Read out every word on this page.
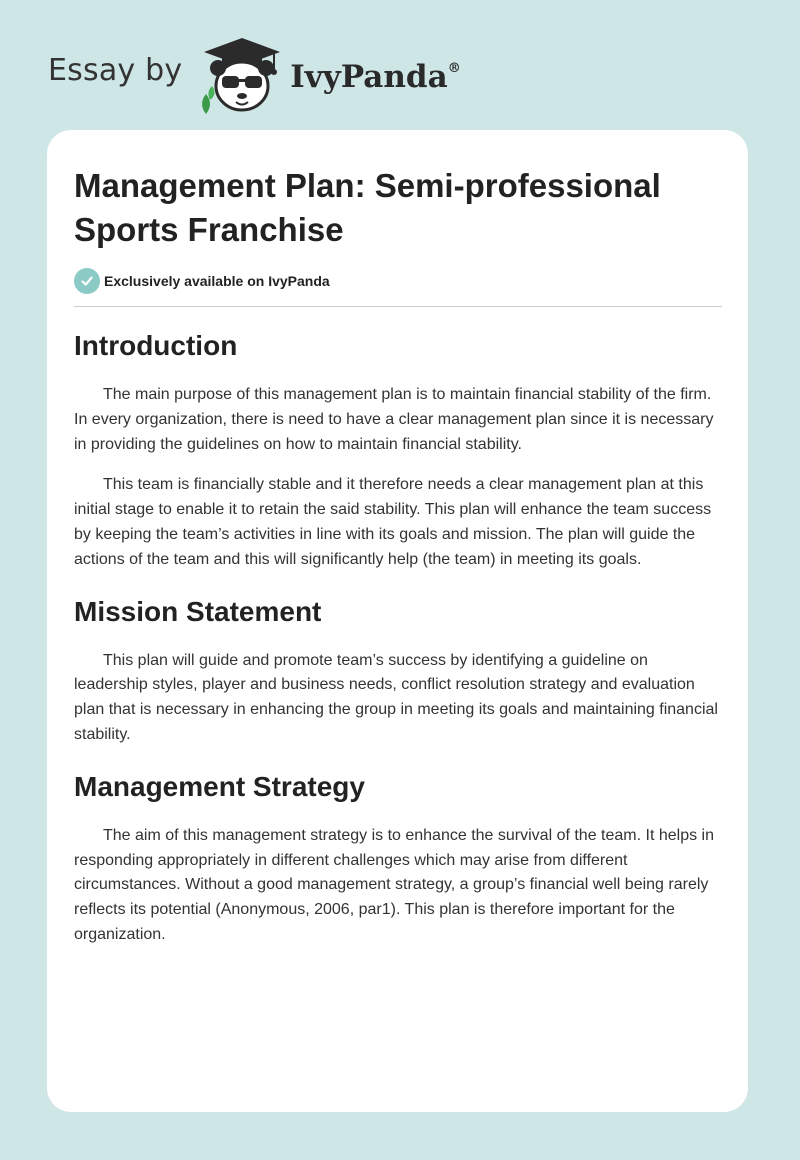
Essay by	IvyPanda®
Management Plan: Semi-professional Sports Franchise
Exclusively available on IvyPanda
Introduction

The main purpose of this management plan is to maintain financial stability of the firm. In every organization, there is need to have a clear management plan since it is necessary in providing the guidelines on how to maintain financial stability.

This team is financially stable and it therefore needs a clear management plan at this initial stage to enable it to retain the said stability. This plan will enhance the team success by keeping the team’s activities in line with its goals and mission. The plan will guide the actions of the team and this will significantly help (the team) in meeting its goals.

Mission Statement

This plan will guide and promote team’s success by identifying a guideline on leadership styles, player and business needs, conflict resolution strategy and evaluation plan that is necessary in enhancing the group in meeting its goals and maintaining financial stability.

Management Strategy

The aim of this management strategy is to enhance the survival of the team. It helps in responding appropriately in different challenges which may arise from different circumstances. Without a good management strategy, a group’s financial well being rarely reflects its potential (Anonymous, 2006, par1). This plan is therefore important for the organization.
